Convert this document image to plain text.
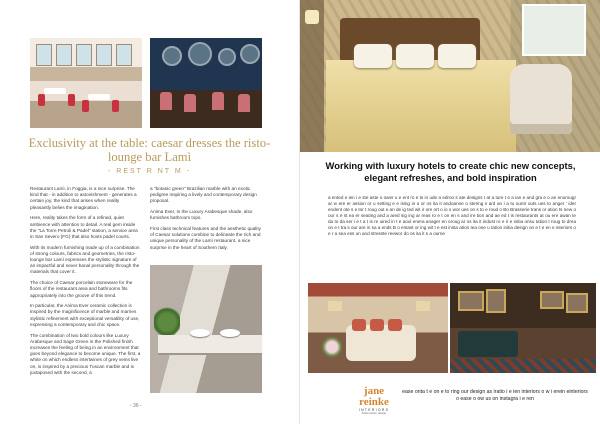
Exclusivity at the table: caesar dresses the risto-lounge bar Lamì
- REST R NT M -

Restaurant Lamì, in Foggia, is a nice surprise. The kind that - in addition to astonishment - generates a certain joy, the kind that arises when reality pleasantly belies the imagination.

Here, reality takes the form of a refined, quiet ambience with attention to detail. A real gem inside the "La Torre Petroli & Padel" station, a service area in San Severo (FG) that also hosts padel courts.

With its modern furnishing made up of a combination of strong colours, fabrics and geometries, the risto-lounge bar Lamì expresses the stylistic signature of an impactful and never banal personality through the materials that cover it.

The choice of Caesar porcelain stoneware for the floors of the restaurant area and bathrooms fits appropriately into the groove of this trend.

In particular, the Anima Ever ceramic collection is inspired by the magnificence of marble and marries stylistic refinement with exceptional versatility of use, expressing a contemporary and chic space.

The combination of two bold colours like Luxury Arabesque and Sage Green in the Polished finish increases the feeling of being in an environment that goes beyond elegance to become unique. The first, a white on which endless intertwines of grey veins live on, is inspired by a precious Tuscan marble and is juxtaposed with the second, a

a "botanic green" Brazilian marble with an exotic pedigree inspiring a lively and contemporary design proposal.

Anima Ever, in the Luxury Arabesque shade, also furnishes bathroom tops.

First class technical features and the aesthetic quality of Caesar solutions combine to delineate the rich and unique personality of the Lamì restaurant, a nice surprise in the heart of Southern Italy.

- 36 -
Working with luxury hotels to create chic new concepts, elegant refreshes, and bold inspiration

a ented e ien i e ste aste o ower u e ent ro e ts in ude a edroo s ate designs t at a ture t e a ian e and gra e o an enorougr ar w ere er assion or u setting e e ising in u or os ita it andoanne o stering s ard an i a tu ountr outs ues to anger ' ider endent ote s e tor t roug out e an de ig ted wit ir ore ort o io o wor ues on s to e roud o Bo Brasserie trans or ation ts new o our s e st ea er seating and a ared sig ing ar reas ro e t on en s and ire tion and ae ed t is restaurants at ou ere awan te da to da ser i e t a t is re uired in t e aoul enera anager en oroug ar os ita it indust ro e ir e initia onsu tation t roug to drea on e t tra s our are in sa a ends B o entast or ing wit t e est insta ation tea one u tation initia design on e t e en e interiors o e r a sea ess un and stresste reewor do os ita it s a ourne

jane reinke
INTERIORS
hotel interior design

ease onta t e on e to ring our design as iratio i e ien interiors o w i erein einteriors o ease o ow us on instagra i e ren
